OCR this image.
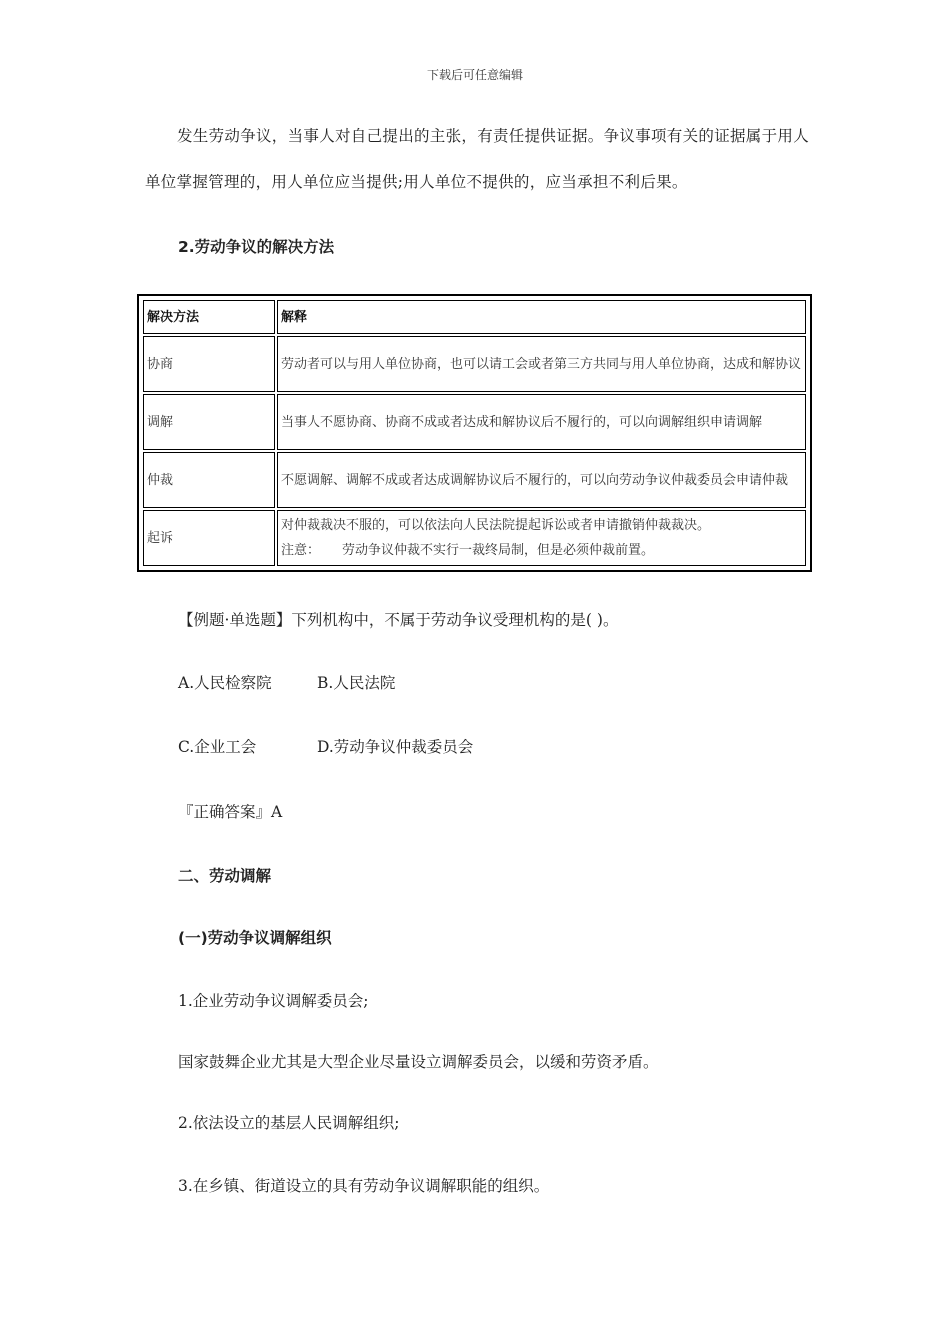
下载后可任意编辑
发生劳动争议，当事人对自己提出的主张，有责任提供证据。争议事项有关的证据属于用人单位掌握管理的，用人单位应当提供;用人单位不提供的，应当承担不利后果。
2.劳动争议的解决方法
解决方法	解释
协商	劳动者可以与用人单位协商，也可以请工会或者第三方共同与用人单位协商，达成和解协议
调解	当事人不愿协商、协商不成或者达成和解协议后不履行的，可以向调解组织申请调解
仲裁	不愿调解、调解不成或者达成调解协议后不履行的，可以向劳动争议仲裁委员会申请仲裁
起诉	对仲裁裁决不服的，可以依法向人民法院提起诉讼或者申请撤销仲裁裁决。
注意： 劳动争议仲裁不实行一裁终局制，但是必须仲裁前置。
【例题·单选题】下列机构中，不属于劳动争议受理机构的是( )。
A.人民检察院	B.人民法院
C.企业工会	D.劳动争议仲裁委员会
『正确答案』A
二、劳动调解
(一)劳动争议调解组织
1.企业劳动争议调解委员会;
国家鼓舞企业尤其是大型企业尽量设立调解委员会，以缓和劳资矛盾。
2.依法设立的基层人民调解组织;
3.在乡镇、街道设立的具有劳动争议调解职能的组织。
